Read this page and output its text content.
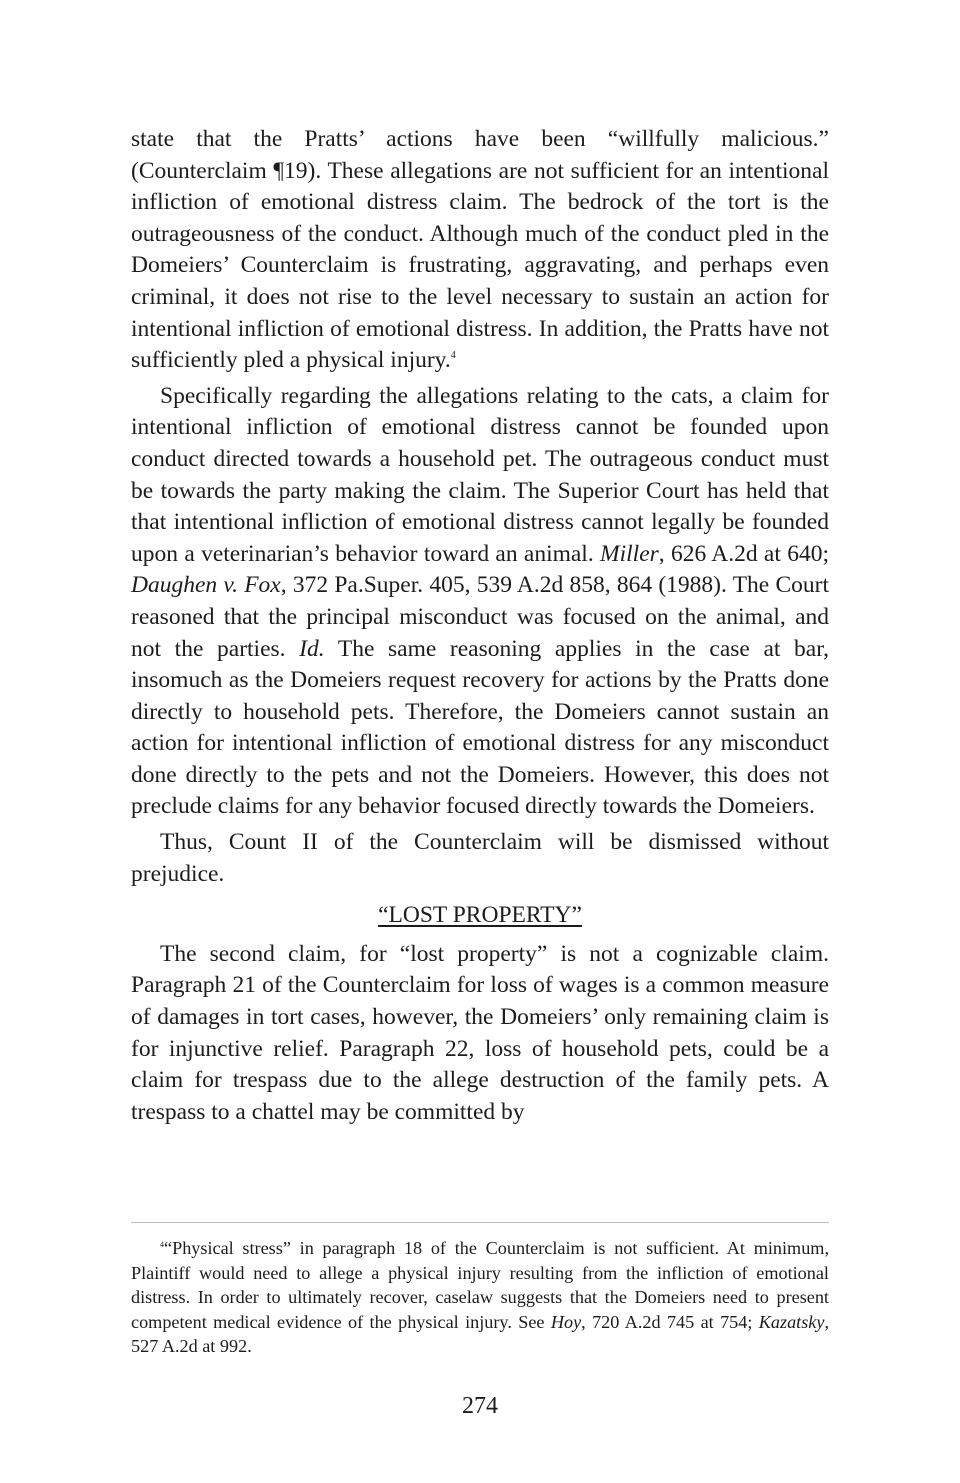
state that the Pratts’ actions have been “willfully malicious.” (Counterclaim ¶19). These allegations are not sufficient for an intentional infliction of emotional distress claim. The bedrock of the tort is the outrageousness of the conduct. Although much of the conduct pled in the Domeiers’ Counterclaim is frustrating, aggravating, and perhaps even criminal, it does not rise to the level necessary to sustain an action for intentional infliction of emotional distress. In addition, the Pratts have not sufficiently pled a physical injury.$^4$

Specifically regarding the allegations relating to the cats, a claim for intentional infliction of emotional distress cannot be founded upon conduct directed towards a household pet. The outrageous conduct must be towards the party making the claim. The Superior Court has held that that intentional infliction of emotional distress cannot legally be founded upon a veterinarian’s behavior toward an animal. Miller, 626 A.2d at 640; Daughen v. Fox, 372 Pa.Super. 405, 539 A.2d 858, 864 (1988). The Court reasoned that the principal misconduct was focused on the animal, and not the parties. Id. The same reasoning applies in the case at bar, insomuch as the Domeiers request recovery for actions by the Pratts done directly to household pets. Therefore, the Domeiers cannot sustain an action for intentional infliction of emotional distress for any misconduct done directly to the pets and not the Domeiers. However, this does not preclude claims for any behavior focused directly towards the Domeiers.

Thus, Count II of the Counterclaim will be dismissed without prejudice.

“LOST PROPERTY”

The second claim, for “lost property” is not a cognizable claim. Paragraph 21 of the Counterclaim for loss of wages is a common measure of damages in tort cases, however, the Domeiers’ only remaining claim is for injunctive relief. Paragraph 22, loss of household pets, could be a claim for trespass due to the allege destruction of the family pets. A trespass to a chattel may be committed by

$^4$“Physical stress” in paragraph 18 of the Counterclaim is not sufficient. At minimum, Plaintiff would need to allege a physical injury resulting from the infliction of emotional distress. In order to ultimately recover, caselaw suggests that the Domeiers need to present competent medical evidence of the physical injury. See Hoy, 720 A.2d 745 at 754; Kazatsky, 527 A.2d at 992.

274
